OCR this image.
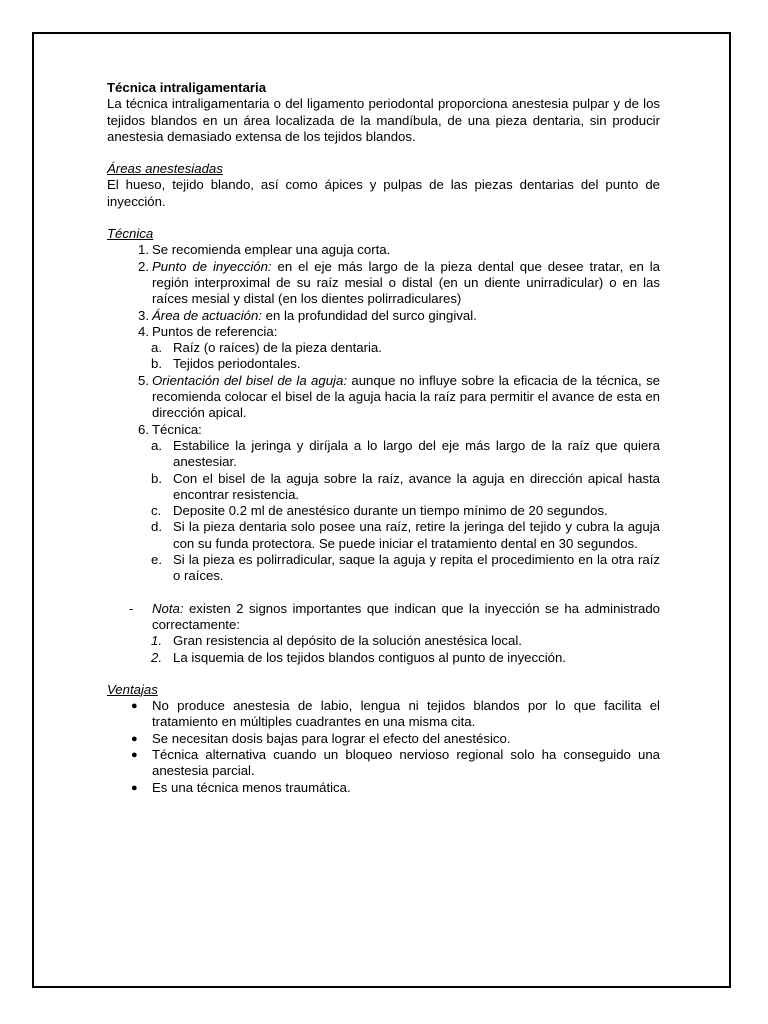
Técnica intraligamentaria
La técnica intraligamentaria o del ligamento periodontal proporciona anestesia pulpar y de los tejidos blandos en un área localizada de la mandíbula, de una pieza dentaria, sin producir anestesia demasiado extensa de los tejidos blandos.
Áreas anestesiadas
El hueso, tejido blando, así como ápices y pulpas de las piezas dentarias del punto de inyección.
Técnica
1. Se recomienda emplear una aguja corta.
2. Punto de inyección: en el eje más largo de la pieza dental que desee tratar, en la región interproximal de su raíz mesial o distal (en un diente unirradicular) o en las raíces mesial y distal (en los dientes polirradiculares)
3. Área de actuación: en la profundidad del surco gingival.
4. Puntos de referencia:
a. Raíz (o raíces) de la pieza dentaria.
b. Tejidos periodontales.
5. Orientación del bisel de la aguja: aunque no influye sobre la eficacia de la técnica, se recomienda colocar el bisel de la aguja hacia la raíz para permitir el avance de esta en dirección apical.
6. Técnica:
a. Estabilice la jeringa y diríjala a lo largo del eje más largo de la raíz que quiera anestesiar.
b. Con el bisel de la aguja sobre la raíz, avance la aguja en dirección apical hasta encontrar resistencia.
c. Deposite 0.2 ml de anestésico durante un tiempo mínimo de 20 segundos.
d. Si la pieza dentaria solo posee una raíz, retire la jeringa del tejido y cubra la aguja con su funda protectora. Se puede iniciar el tratamiento dental en 30 segundos.
e. Si la pieza es polirradicular, saque la aguja y repita el procedimiento en la otra raíz o raíces.
- Nota: existen 2 signos importantes que indican que la inyección se ha administrado correctamente:
1. Gran resistencia al depósito de la solución anestésica local.
2. La isquemia de los tejidos blandos contiguos al punto de inyección.
Ventajas
● No produce anestesia de labio, lengua ni tejidos blandos por lo que facilita el tratamiento en múltiples cuadrantes en una misma cita.
● Se necesitan dosis bajas para lograr el efecto del anestésico.
● Técnica alternativa cuando un bloqueo nervioso regional solo ha conseguido una anestesia parcial.
● Es una técnica menos traumática.
